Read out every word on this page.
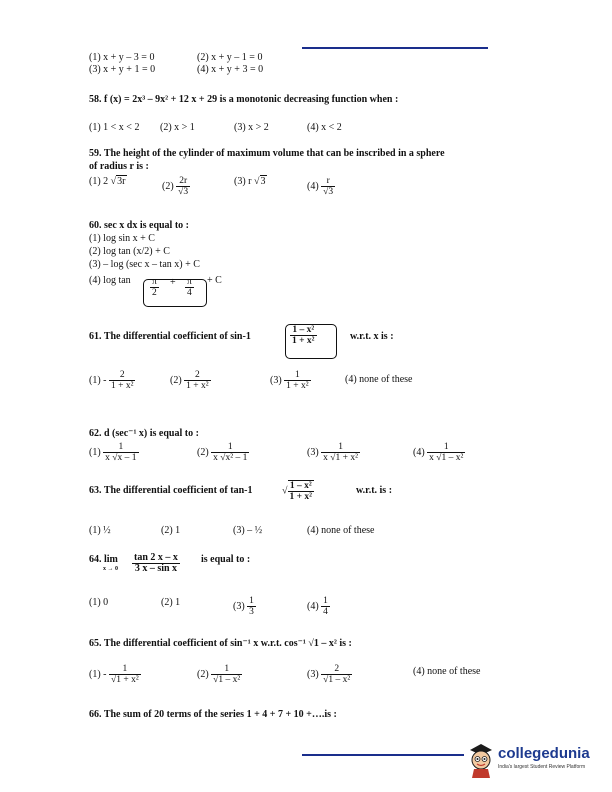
(1) x + y – 3 = 0	(2) x + y – 1 = 0
(3) x + y + 1 = 0	(4) x + y + 3 = 0
58. f (x) = 2x³ – 9x² + 12 x + 29 is a monotonic decreasing function when :
(1) 1 < x < 2 (2) x > 1	(3) x > 2	(4) x < 2
59. The height of the cylinder of maximum volume that can be inscribed in a sphere
of radius r is :
(1) 2 √3r	$(2) \frac{2r}{√3}$	(3) r √3	$(4) \frac{r}{√3}$
60. sec x dx is equal to :
(1) log sin x + C
(2) log tan (x/2) + C
(3) – log (sec x – tan x) + C
(4) $\log \tan \frac{\pi}{2} + \frac{\pi}{4} + C$
61. The differential coefficient of sin-1	$\frac{\text{1 – x²}}{\text{1 + x²}}$	w.r.t. x is :
$(1) - \frac{2}{\text{1 + x²}}$	$(2) \frac{2}{\text{1 + x²}}$	$(3) \frac{1}{\text{1 + x²}}$	(4) none of these
62. d (sec⁻¹ x) is equal to :
$(1) \frac{1}{x √x - 1}$	$(2) \frac{1}{\text{x √x² – 1}}$	$(3) \frac{1}{\text{x √1 + x²}}$	$(4) \frac{1}{\text{x √1 – x²}}$
63. The differential coefficient of tan-1	√ $\frac{\text{1 – x²}}{\text{1 + x²}}$	w.r.t. is :
(1) ½	(2) 1	(3) – ½	(4) none of these
64. lim
$x \to 0 \frac{\tan 2 x - x}{\text{3 x – sin x}}$ is equal to :
(1) 0	(2) 1	$(3) \frac{1}{3}$	$(4) \frac{1}{4}$
65. The differential coefficient of sin⁻¹ x w.r.t. cos⁻¹ √1 – x² is :
$(1) - \frac{1}{\text{√1 + x²}}$	$(2) \frac{1}{\text{√1 – x²}}$	$(3) \frac{2}{\text{√1 – x²}}$	(4) none of these
66. The sum of 20 terms of the series 1 + 4 + 7 + 10 +….is :
collegedunia
India's largest Student Review Platform
